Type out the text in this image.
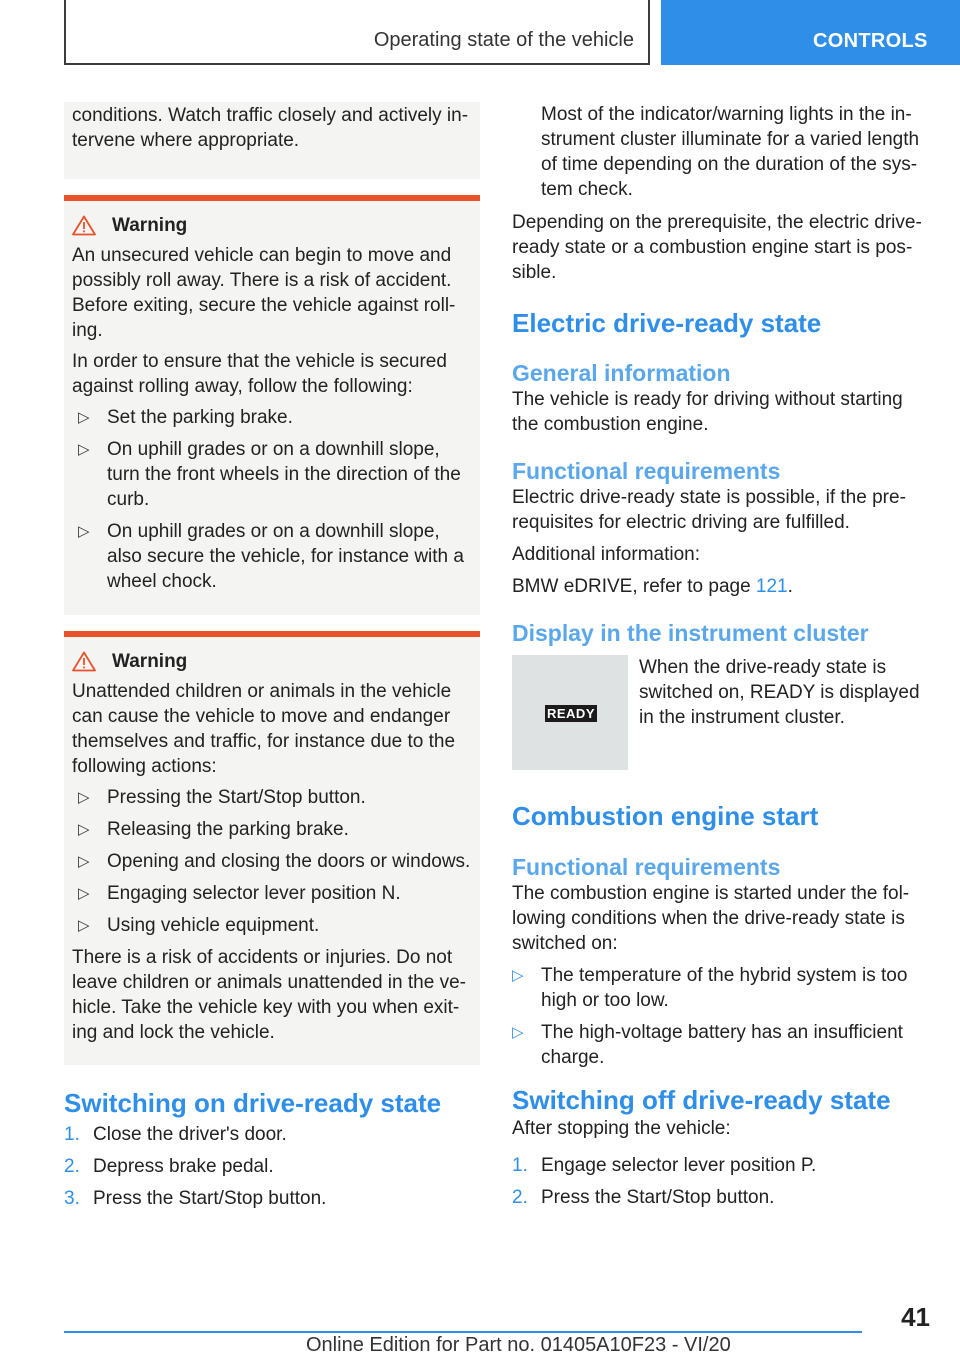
Operating state of the vehicle	CONTROLS

conditions. Watch traffic closely and actively intervene where appropriate.

Warning

An unsecured vehicle can begin to move and possibly roll away. There is a risk of accident. Before exiting, secure the vehicle against rolling.

In order to ensure that the vehicle is secured against rolling away, follow the following:

▷ Set the parking brake.
▷ On uphill grades or on a downhill slope, turn the front wheels in the direction of the curb.
▷ On uphill grades or on a downhill slope, also secure the vehicle, for instance with a wheel chock.
Warning

Unattended children or animals in the vehicle can cause the vehicle to move and endanger themselves and traffic, for instance due to the following actions:

▷ Pressing the Start/Stop button.
▷ Releasing the parking brake.
▷ Opening and closing the doors or windows.
▷ Engaging selector lever position N.
▷ Using vehicle equipment.

There is a risk of accidents or injuries. Do not leave children or animals unattended in the vehicle. Take the vehicle key with you when exiting and lock the vehicle.

Switching on drive-ready state
1. Close the driver's door.
2. Depress brake pedal.
3. Press the Start/Stop button.
Most of the indicator/warning lights in the instrument cluster illuminate for a varied length of time depending on the duration of the system check.

Depending on the prerequisite, the electric drive-ready state or a combustion engine start is possible.

Electric drive-ready state
General information

The vehicle is ready for driving without starting the combustion engine.

Functional requirements

Electric drive-ready state is possible, if the prerequisites for electric driving are fulfilled.

Additional information:

BMW eDRIVE, refer to page 121.

Display in the instrument cluster
READY

When the drive-ready state is switched on, READY is displayed in the instrument cluster.

Combustion engine start
Functional requirements

The combustion engine is started under the following conditions when the drive-ready state is switched on:

▷ The temperature of the hybrid system is too high or too low.
▷ The high-voltage battery has an insufficient charge.
Switching off drive-ready state

After stopping the vehicle:

1. Engage selector lever position P.
2. Press the Start/Stop button.
41
Online Edition for Part no. 01405A10F23 - VI/20
